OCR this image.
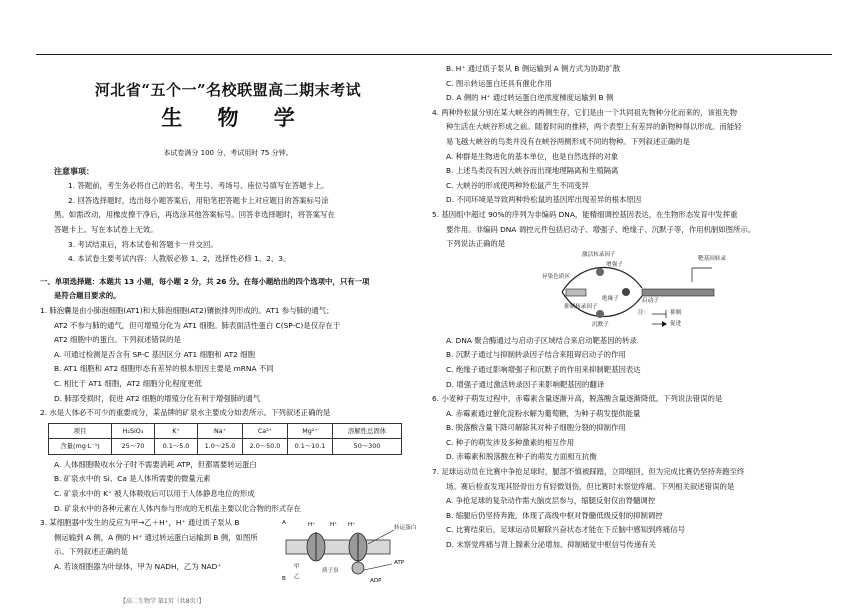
河北省“五个一”名校联盟高二期末考试
生 物 学
本试卷满分 100 分，考试用时 75 分钟。
注意事项：
1. 答题前，考生务必将自己的姓名、考生号、考场号、座位号填写在答题卡上。
2. 回答选择题时，选出每小题答案后，用铅笔把答题卡上对应题目的答案标号涂
黑。如需改动，用橡皮擦干净后，再选涂其他答案标号。回答非选择题时，将答案写在
答题卡上。写在本试卷上无效。
3. 考试结束后，将本试卷和答题卡一并交回。
4. 本试卷主要考试内容：人教版必修 1、2，选择性必修 1、2、3。
一、单项选择题：本题共 13 小题，每小题 2 分，共 26 分。在每小题给出的四个选项中，只有一项
是符合题目要求的。
1. 肺泡囊是由小肺泡细胞(AT1)和大肺泡细胞(AT2)镶嵌排列形成的。AT1 参与肺的通气；
AT2 不参与肺的通气，但可增殖分化为 AT1 细胞。肺表面活性蛋白 C(SP-C)是仅存在于
AT2 细胞中的蛋白。下列叙述错误的是
A. 可通过检测是否含有 SP-C 基因区分 AT1 细胞和 AT2 细胞
B. AT1 细胞和 AT2 细胞形态有差异的根本原因主要是 mRNA 不同
C. 相比于 AT1 细胞，AT2 细胞分化程度更低
D. 肺部受损时，促进 AT2 细胞的增殖分化有利于增强肺的通气
2. 水是人体必不可少的重要成分，某品牌的矿泉水主要成分如表所示。下列叙述正确的是
项目	H₂SiO₃	K⁺	Na⁺	Ca²⁺	Mg²⁺	溶解性总固体
含量(mg·L⁻¹)	25～70	0.1～5.0	1.0～25.0	2.0～50.0	0.1～10.1	50～300
A. 人体细胞吸收水分子时不需要消耗 ATP，但都需要转运蛋白
B. 矿泉水中的 Si、Ca 是人体所需要的微量元素
C. 矿泉水中的 K⁺ 被人体吸收后可以用于人体静息电位的形成
D. 矿泉水中的各种元素在人体内参与形成的无机盐主要以化合物的形式存在
3. 某细胞器中发生的反应为甲→乙＋H⁺，H⁺ 通过质子泵从 B
侧运输到 A 侧，A 侧的 H⁺ 通过转运蛋白运输到 B 侧，如图所
示。下列叙述正确的是
A. 若该细胞器为叶绿体，甲为 NADH，乙为 NAD⁺
A
B
H⁺	H⁺ H⁺	转运蛋白
甲
乙
质子泵
ATP
ADP
B. H⁺ 通过质子泵从 B 侧运输到 A 侧方式为协助扩散
C. 图示转运蛋白还具有催化作用
D. A 侧的 H⁺ 通过转运蛋白逆浓度梯度运输到 B 侧
4. 两种羚松鼠分别在某大峡谷的两侧生存，它们是由一个共同祖先物种分化而来的，该祖先物
种生活在大峡谷形成之前。随着时间的推移，两个表型上有差异的新物种得以形成。而能轻
易飞越大峡谷的鸟类并没有在峡谷两侧形成不同的物种。下列叙述正确的是
A. 种群是生物进化的基本单位，也是自然选择的对象
B. 上述鸟类没有因大峡谷而出现地理隔离和生殖隔离
C. 大峡谷的形成使两种羚松鼠产生不同变异
D. 不同环境是导致两种羚松鼠的基因库出现差异的根本原因
5. 基因组中超过 90%的序列为非编码 DNA，能精细调控基因表达，在生物形态发育中发挥重
要作用。非编码 DNA 调控元件包括启动子、增强子、绝缘子、沉默子等，作用机制如图所示。
下列说法正确的是
激活转录因子
增强子
异染色质区
绝缘子
抑制转录因子
沉默子
启动子
靶基因转录
注：	抑制
促进
A. DNA 聚合酶通过与启动子区域结合来启动靶基因的转录
B. 沉默子通过与抑制转录因子结合来阻碍启动子的作用
C. 绝缘子通过影响增强子和沉默子的作用来抑制靶基因表达
D. 增强子通过激活转录因子来影响靶基因的翻译
6. 小麦种子萌发过程中，赤霉素含量逐渐升高，脱落酸含量逐渐降低。下列说法错误的是
A. 赤霉素通过催化淀粉水解为葡萄糖，为种子萌发提供能量
B. 脱落酸含量下降可解除其对种子细胞分裂的抑制作用
C. 种子的萌发涉及多种激素的相互作用
D. 赤霉素和脱落酸在种子的萌发方面相互抗衡
7. 足球运动员在比赛中争抢足球时，腿部不慎被踩踏，立即缩回，但为完成比赛仍坚持奔跑至终
场。赛后检查发现其胫骨出方有轻微划伤，但比赛时未察觉疼痛。下列相关叙述错误的是
A. 争抢足球的复杂动作需大脑皮层参与，缩腿反射仅由脊髓调控
B. 缩腿后仍坚持奔跑，体现了高级中枢对脊髓低级反射的抑制调控
C. 比赛结束后，足球运动员解除兴奋状态才能在下丘脑中感知到疼痛信号
D. 未察觉疼痛与肾上腺素分泌增加、抑制痛觉中枢信号传递有关
【高二生物学 第1页（共8页）】
